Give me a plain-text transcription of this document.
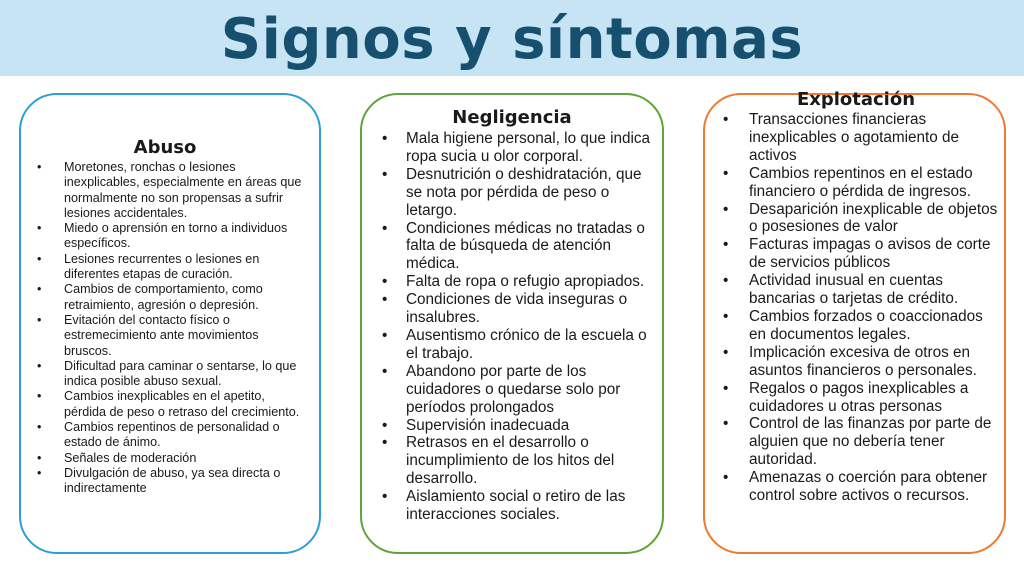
Signos y síntomas
Abuso
• Moretones, ronchas o lesiones inexplicables, especialmente en áreas que normalmente no son propensas a sufrir lesiones accidentales.
• Miedo o aprensión en torno a individuos específicos.
• Lesiones recurrentes o lesiones en diferentes etapas de curación.
• Cambios de comportamiento, como retraimiento, agresión o depresión.
• Evitación del contacto físico o estremecimiento ante movimientos bruscos.
• Dificultad para caminar o sentarse, lo que indica posible abuso sexual.
• Cambios inexplicables en el apetito, pérdida de peso o retraso del crecimiento.
• Cambios repentinos de personalidad o estado de ánimo.
• Señales de moderación
• Divulgación de abuso, ya sea directa o indirectamente
Negligencia
• Mala higiene personal, lo que indica ropa sucia u olor corporal.
• Desnutrición o deshidratación, que se nota por pérdida de peso o letargo.
• Condiciones médicas no tratadas o falta de búsqueda de atención médica.
• Falta de ropa o refugio apropiados.
• Condiciones de vida inseguras o insalubres.
• Ausentismo crónico de la escuela o el trabajo.
• Abandono por parte de los cuidadores o quedarse solo por períodos prolongados
• Supervisión inadecuada
• Retrasos en el desarrollo o incumplimiento de los hitos del desarrollo.
• Aislamiento social o retiro de las interacciones sociales.
Explotación
• Transacciones financieras inexplicables o agotamiento de activos
• Cambios repentinos en el estado financiero o pérdida de ingresos.
• Desaparición inexplicable de objetos o posesiones de valor
• Facturas impagas o avisos de corte de servicios públicos
• Actividad inusual en cuentas bancarias o tarjetas de crédito.
• Cambios forzados o coaccionados en documentos legales.
• Implicación excesiva de otros en asuntos financieros o personales.
• Regalos o pagos inexplicables a cuidadores u otras personas
• Control de las finanzas por parte de alguien que no debería tener autoridad.
• Amenazas o coerción para obtener control sobre activos o recursos.
